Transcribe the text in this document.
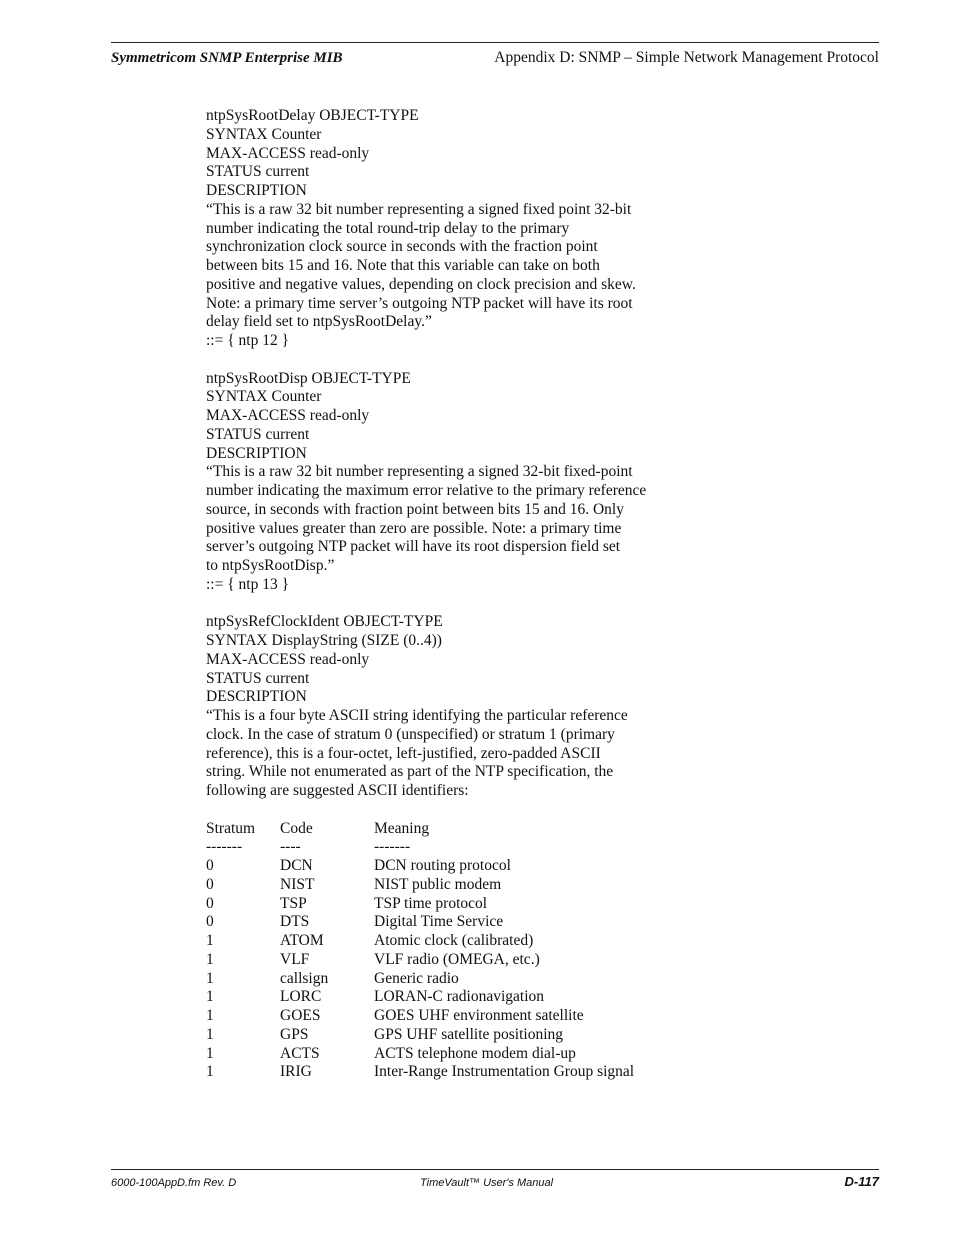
Symmetricom SNMP Enterprise MIB	Appendix D: SNMP – Simple Network Management Protocol
ntpSysRootDelay OBJECT-TYPE
SYNTAX Counter
MAX-ACCESS read-only
STATUS current
DESCRIPTION
“This is a raw 32 bit number representing a signed fixed point 32-bit
number indicating the total round-trip delay to the primary
synchronization clock source in seconds with the fraction point
between bits 15 and 16. Note that this variable can take on both
positive and negative values, depending on clock precision and skew.
Note: a primary time server’s outgoing NTP packet will have its root
delay field set to ntpSysRootDelay.”
::= { ntp 12 }
ntpSysRootDisp OBJECT-TYPE
SYNTAX Counter
MAX-ACCESS read-only
STATUS current
DESCRIPTION
“This is a raw 32 bit number representing a signed 32-bit fixed-point
number indicating the maximum error relative to the primary reference
source, in seconds with fraction point between bits 15 and 16. Only
positive values greater than zero are possible. Note: a primary time
server’s outgoing NTP packet will have its root dispersion field set
to ntpSysRootDisp.”
::= { ntp 13 }
ntpSysRefClockIdent OBJECT-TYPE
SYNTAX DisplayString (SIZE (0..4))
MAX-ACCESS read-only
STATUS current
DESCRIPTION
“This is a four byte ASCII string identifying the particular reference
clock. In the case of stratum 0 (unspecified) or stratum 1 (primary
reference), this is a four-octet, left-justified, zero-padded ASCII
string. While not enumerated as part of the NTP specification, the
following are suggested ASCII identifiers:
Stratum	Code	Meaning
-------	----	-------
0	DCN	DCN routing protocol
0	NIST	NIST public modem
0	TSP	TSP time protocol
0	DTS	Digital Time Service
1	ATOM	Atomic clock (calibrated)
1	VLF	VLF radio (OMEGA, etc.)
1	callsign	Generic radio
1	LORC	LORAN-C radionavigation
1	GOES	GOES UHF environment satellite
1	GPS	GPS UHF satellite positioning
1	ACTS	ACTS telephone modem dial-up
1	IRIG	Inter-Range Instrumentation Group signal
6000-100AppD.fm Rev. D	TimeVault™ User's Manual	D-117
